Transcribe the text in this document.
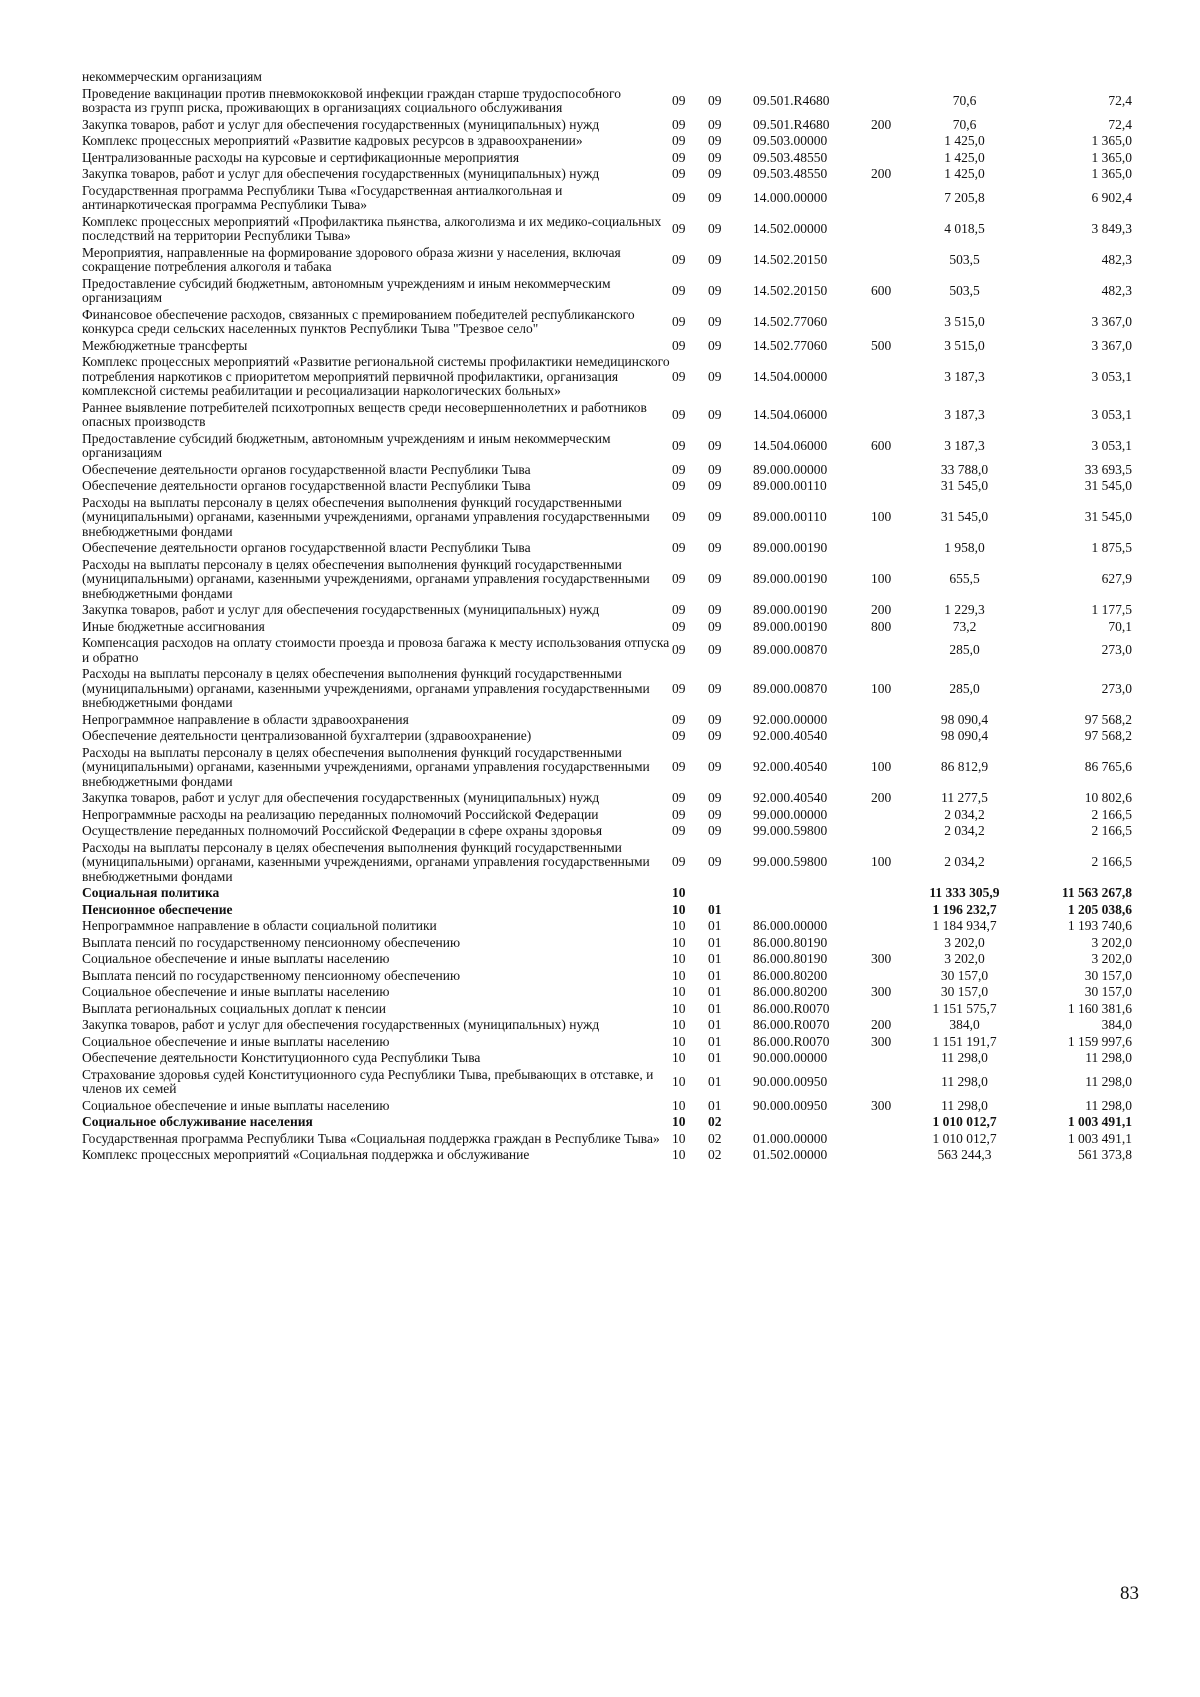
некоммерческим организациям						
Проведение вакцинации против пневмококковой инфекции граждан старше трудоспособного возраста из групп риска, проживающих в организациях социального обслуживания	09	09	09.501.R4680		70,6	72,4
Закупка товаров, работ и услуг для обеспечения государственных (муниципальных) нужд	09	09	09.501.R4680	200	70,6	72,4
Комплекс процессных мероприятий «Развитие кадровых ресурсов в здравоохранении»	09	09	09.503.00000		1 425,0	1 365,0
Централизованные расходы на курсовые и сертификационные мероприятия	09	09	09.503.48550		1 425,0	1 365,0
Закупка товаров, работ и услуг для обеспечения государственных (муниципальных) нужд	09	09	09.503.48550	200	1 425,0	1 365,0
Государственная программа Республики Тыва «Государственная антиалкогольная и антинаркотическая программа Республики Тыва»	09	09	14.000.00000		7 205,8	6 902,4
Комплекс процессных мероприятий «Профилактика пьянства, алкоголизма и их медико-социальных последствий на территории Республики Тыва»	09	09	14.502.00000		4 018,5	3 849,3
Мероприятия, направленные на формирование здорового образа жизни у населения, включая сокращение потребления алкоголя и табака	09	09	14.502.20150		503,5	482,3
Предоставление субсидий бюджетным, автономным учреждениям и иным некоммерческим организациям	09	09	14.502.20150	600	503,5	482,3
Финансовое обеспечение расходов, связанных с премированием победителей республиканского конкурса среди сельских населенных пунктов Республики Тыва "Трезвое село"	09	09	14.502.77060		3 515,0	3 367,0
Межбюджетные трансферты	09	09	14.502.77060	500	3 515,0	3 367,0
Комплекс процессных мероприятий «Развитие региональной системы профилактики немедицинского потребления наркотиков с приоритетом мероприятий первичной профилактики, организация комплексной системы реабилитации и ресоциализации наркологических больных»	09	09	14.504.00000		3 187,3	3 053,1
Раннее выявление потребителей психотропных веществ среди несовершеннолетних и работников опасных производств	09	09	14.504.06000		3 187,3	3 053,1
Предоставление субсидий бюджетным, автономным учреждениям и иным некоммерческим организациям	09	09	14.504.06000	600	3 187,3	3 053,1
Обеспечение деятельности органов государственной власти Республики Тыва	09	09	89.000.00000		33 788,0	33 693,5
Обеспечение деятельности органов государственной власти Республики Тыва	09	09	89.000.00110		31 545,0	31 545,0
Расходы на выплаты персоналу в целях обеспечения выполнения функций государственными (муниципальными) органами, казенными учреждениями, органами управления государственными внебюджетными фондами	09	09	89.000.00110	100	31 545,0	31 545,0
Обеспечение деятельности органов государственной власти Республики Тыва	09	09	89.000.00190		1 958,0	1 875,5
Расходы на выплаты персоналу в целях обеспечения выполнения функций государственными (муниципальными) органами, казенными учреждениями, органами управления государственными внебюджетными фондами	09	09	89.000.00190	100	655,5	627,9
Закупка товаров, работ и услуг для обеспечения государственных (муниципальных) нужд	09	09	89.000.00190	200	1 229,3	1 177,5
Иные бюджетные ассигнования	09	09	89.000.00190	800	73,2	70,1
Компенсация расходов на оплату стоимости проезда и провоза багажа к месту использования отпуска и обратно	09	09	89.000.00870		285,0	273,0
Расходы на выплаты персоналу в целях обеспечения выполнения функций государственными (муниципальными) органами, казенными учреждениями, органами управления государственными внебюджетными фондами	09	09	89.000.00870	100	285,0	273,0
Непрограммное направление в области здравоохранения	09	09	92.000.00000		98 090,4	97 568,2
Обеспечение деятельности централизованной бухгалтерии (здравоохранение)	09	09	92.000.40540		98 090,4	97 568,2
Расходы на выплаты персоналу в целях обеспечения выполнения функций государственными (муниципальными) органами, казенными учреждениями, органами управления государственными внебюджетными фондами	09	09	92.000.40540	100	86 812,9	86 765,6
Закупка товаров, работ и услуг для обеспечения государственных (муниципальных) нужд	09	09	92.000.40540	200	11 277,5	10 802,6
Непрограммные расходы на реализацию переданных полномочий Российской Федерации	09	09	99.000.00000		2 034,2	2 166,5
Осуществление переданных полномочий Российской Федерации в сфере охраны здоровья	09	09	99.000.59800		2 034,2	2 166,5
Расходы на выплаты персоналу в целях обеспечения выполнения функций государственными (муниципальными) органами, казенными учреждениями, органами управления государственными внебюджетными фондами	09	09	99.000.59800	100	2 034,2	2 166,5
Социальная политика	10				11 333 305,9	11 563 267,8
Пенсионное обеспечение	10	01			1 196 232,7	1 205 038,6
Непрограммное направление в области социальной политики	10	01	86.000.00000		1 184 934,7	1 193 740,6
Выплата пенсий по государственному пенсионному обеспечению	10	01	86.000.80190		3 202,0	3 202,0
Социальное обеспечение и иные выплаты населению	10	01	86.000.80190	300	3 202,0	3 202,0
Выплата пенсий по государственному пенсионному обеспечению	10	01	86.000.80200		30 157,0	30 157,0
Социальное обеспечение и иные выплаты населению	10	01	86.000.80200	300	30 157,0	30 157,0
Выплата региональных социальных доплат к пенсии	10	01	86.000.R0070		1 151 575,7	1 160 381,6
Закупка товаров, работ и услуг для обеспечения государственных (муниципальных) нужд	10	01	86.000.R0070	200	384,0	384,0
Социальное обеспечение и иные выплаты населению	10	01	86.000.R0070	300	1 151 191,7	1 159 997,6
Обеспечение деятельности Конституционного суда Республики Тыва	10	01	90.000.00000		11 298,0	11 298,0
Страхование здоровья судей Конституционного суда Республики Тыва, пребывающих в отставке, и членов их семей	10	01	90.000.00950		11 298,0	11 298,0
Социальное обеспечение и иные выплаты населению	10	01	90.000.00950	300	11 298,0	11 298,0
Социальное обслуживание населения	10	02			1 010 012,7	1 003 491,1
Государственная программа Республики Тыва «Социальная поддержка граждан в Республике Тыва»	10	02	01.000.00000		1 010 012,7	1 003 491,1
Комплекс процессных мероприятий «Социальная поддержка и обслуживание	10	02	01.502.00000		563 244,3	561 373,8
83
